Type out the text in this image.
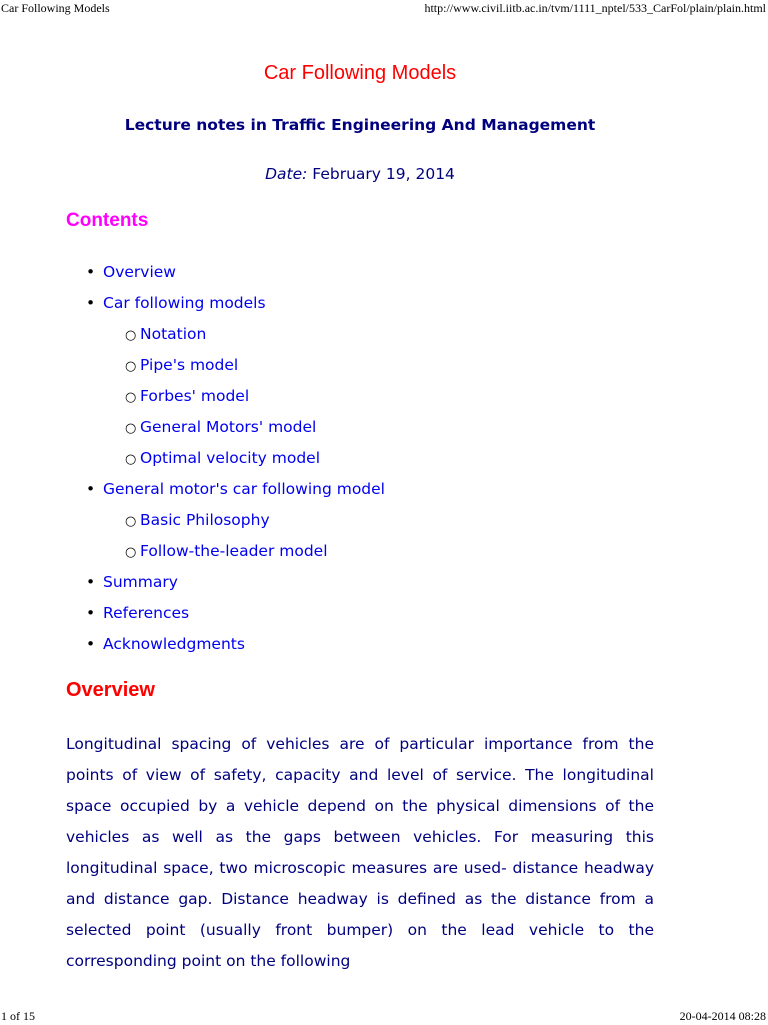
Car Following Models	http://www.civil.iitb.ac.in/tvm/1111_nptel/533_CarFol/plain/plain.html
Car Following Models
Lecture notes in Traffic Engineering And Management
Date: February 19, 2014
Contents
• Overview
• Car following models
○ Notation
○ Pipe's model
○ Forbes' model
○ General Motors' model
○ Optimal velocity model
• General motor's car following model
○ Basic Philosophy
○ Follow-the-leader model
• Summary
• References
• Acknowledgments
Overview

Longitudinal spacing of vehicles are of particular importance from the points of view of safety, capacity and level of service. The longitudinal space occupied by a vehicle depend on the physical dimensions of the vehicles as well as the gaps between vehicles. For measuring this longitudinal space, two microscopic measures are used- distance headway and distance gap. Distance headway is defined as the distance from a selected point (usually front bumper) on the lead vehicle to the corresponding point on the following

1 of 15	20-04-2014 08:28
